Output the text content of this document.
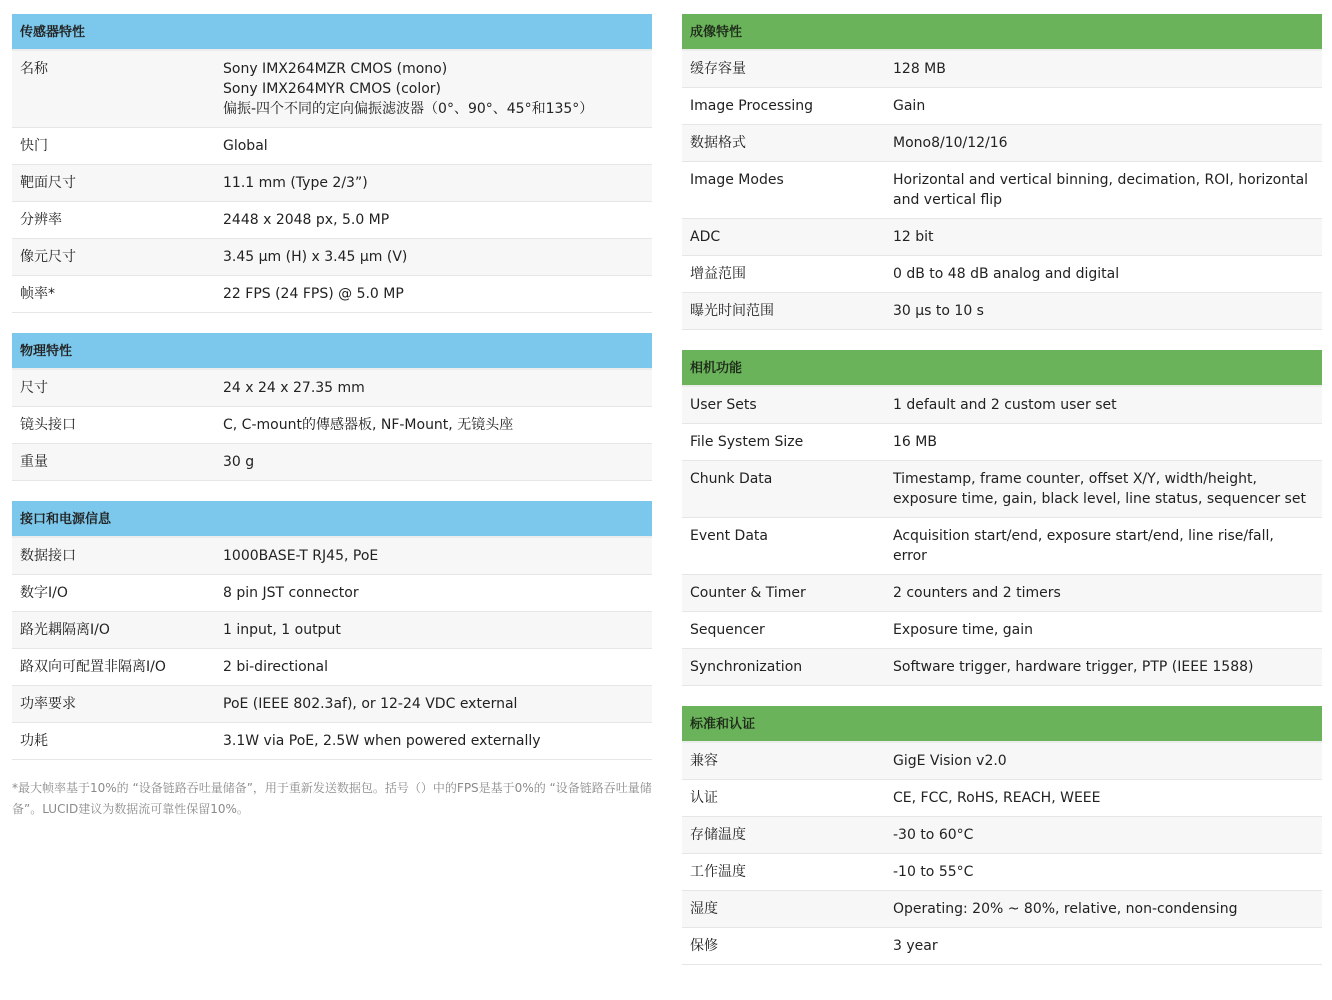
传感器特性
名称	Sony IMX264MZR CMOS (mono)
Sony IMX264MYR CMOS (color)
偏振-四个不同的定向偏振滤波器（0°、90°、45°和135°）
快门	Global
靶面尺寸	11.1 mm (Type 2/3”)
分辨率	2448 x 2048 px, 5.0 MP
像元尺寸	3.45 µm (H) x 3.45 µm (V)
帧率*	22 FPS (24 FPS) @ 5.0 MP
物理特性
尺寸	24 x 24 x 27.35 mm
镜头接口	C, C-mount的傳感器板, NF-Mount, 无镜头座
重量	30 g
接口和电源信息
数据接口	1000BASE-T RJ45, PoE
数字I/O	8 pin JST connector
路光耦隔离I/O	1 input, 1 output
路双向可配置非隔离I/O	2 bi-directional
功率要求	PoE (IEEE 802.3af), or 12-24 VDC external
功耗	3.1W via PoE, 2.5W when powered externally
*最大帧率基于10%的 “设备链路吞吐量储备”，用于重新发送数据包。括号（）中的FPS是基于0%的 “设备链路吞吐量储备”。LUCID建议为数据流可靠性保留10%。
成像特性
缓存容量	128 MB
Image Processing	Gain
数据格式	Mono8/10/12/16
Image Modes	Horizontal and vertical binning, decimation, ROI, horizontal and vertical flip
ADC	12 bit
增益范围	0 dB to 48 dB analog and digital
曝光时间范围	30 µs to 10 s
相机功能
User Sets	1 default and 2 custom user set
File System Size	16 MB
Chunk Data	Timestamp, frame counter, offset X/Y, width/height, exposure time, gain, black level, line status, sequencer set
Event Data	Acquisition start/end, exposure start/end, line rise/fall, error
Counter & Timer	2 counters and 2 timers
Sequencer	Exposure time, gain
Synchronization	Software trigger, hardware trigger, PTP (IEEE 1588)
标准和认证
兼容	GigE Vision v2.0
认证	CE, FCC, RoHS, REACH, WEEE
存储温度	-30 to 60°C
工作温度	-10 to 55°C
湿度	Operating: 20% ~ 80%, relative, non-condensing
保修	3 year
